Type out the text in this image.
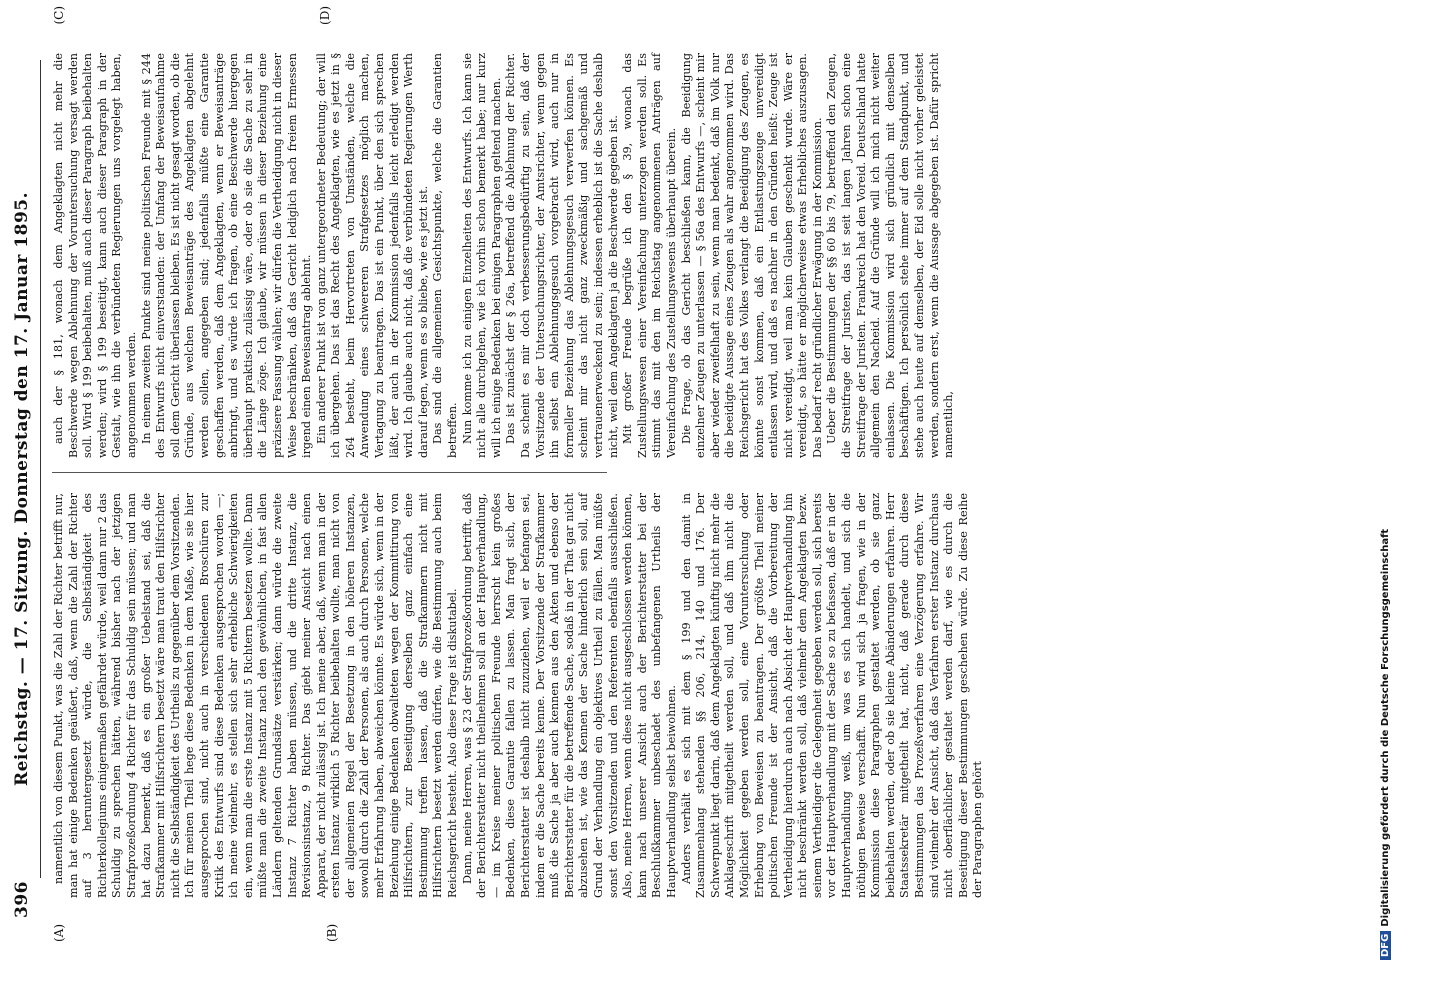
396
Reichstag. — 17. Sitzung. Donnerstag den 17. Januar 1895.
(A)	(B)
(C)	(D)

namentlich von diesem Punkt, was die Zahl der Richter betrifft nur, man hat einige Bedenken geäußert, daß, wenn die Zahl der Richter auf 3 heruntergesetzt würde, die Selbständigkeit des Richterkollegiums einigermaßen gefährdet würde, weil dann nur 2 das Schuldig zu sprechen hätten, während bisher nach der jetzigen Strafprozeßordnung 4 Richter für das Schuldig sein müssen; und man hat dazu bemerkt, daß es ein großer Uebelstand sei, daß die Strafkammer mit Hilfsrichtern besetzt wäre man traut den Hilfsrichter nicht die Selbständigkeit des Urtheils zu gegenüber dem Vorsitzenden. Ich für meinen Theil hege diese Bedenken in dem Maße, wie sie hier ausgesprochen sind, nicht auch in verschiedenen Broschüren zur Kritik des Entwurfs sind diese Bedenken ausgesprochen worden —; ich meine vielmehr, es stellen sich sehr erhebliche Schwierigkeiten ein, wenn man die erste Instanz mit 5 Richtern besetzen wollte. Dann müßte man die zweite Instanz nach den gewöhnlichen, in fast allen Ländern geltenden Grundsätze verstärken; dann würde die zweite Instanz 7 Richter haben müssen, und die dritte Instanz, die Revisionsinstanz, 9 Richter. Das giebt meiner Ansicht nach einen Apparat, der nicht zulässig ist. Ich meine aber, daß, wenn man in der ersten Instanz wirklich 5 Richter beibehalten wollte, man nicht von der allgemeinen Regel der Besetzung in den höheren Instanzen, sowohl durch die Zahl der Personen, als auch durch Personen, welche mehr Erfahrung haben, abweichen könnte. Es würde sich, wenn in der Beziehung einige Bedenken obwalteten wegen der Kommittirung von Hilfsrichtern, zur Beseitigung derselben ganz einfach eine Bestimmung treffen lassen, daß die Strafkammern nicht mit Hilfsrichtern besetzt werden dürfen, wie die Bestimmung auch beim Reichsgericht besteht. Also diese Frage ist diskutabel. Dann, meine Herren, was § 23 der Strafprozeßordnung betrifft, daß der Berichterstatter nicht theilnehmen soll an der Hauptverhandlung, — im Kreise meiner politischen Freunde herrscht kein großes Bedenken, diese Garantie fallen zu lassen. Man fragt sich, der Berichterstatter ist deshalb nicht zuzuziehen, weil er befangen sei, indem er die Sache bereits kenne. Der Vorsitzende der Strafkammer muß die Sache ja aber auch kennen aus den Akten und ebenso der Berichterstatter für die betreffende Sache, sodaß in der That gar nicht abzusehen ist, wie das Kennen der Sache hinderlich sein soll, auf Grund der Verhandlung ein objektives Urtheil zu fällen. Man müßte sonst den Vorsitzenden und den Referenten ebenfalls ausschließen. Also, meine Herren, wenn diese nicht ausgeschlossen werden können, kann nach unserer Ansicht auch der Berichterstatter bei der Beschlußkammer unbeschadet des unbefangenen Urtheils der Hauptverhandlung selbst beiwohnen. Anders verhält es sich mit dem § 199 und den damit in Zusammenhang stehenden §§ 206, 214, 140 und 176. Der Schwerpunkt liegt darin, daß dem Angeklagten künftig nicht mehr die Anklageschrift mitgetheilt werden soll, und daß ihm nicht die Möglichkeit gegeben werden soll, eine Voruntersuchung oder Erhebung von Beweisen zu beantragen. Der größte Theil meiner politischen Freunde ist der Ansicht, daß die Vorbereitung der Vertheidigung hierdurch auch nach Absicht der Hauptverhandlung hin nicht beschränkt werden soll, daß vielmehr dem Angeklagten bezw. seinem Vertheidiger die Gelegenheit gegeben werden soll, sich bereits vor der Hauptverhandlung mit der Sache so zu befassen, daß er in der Hauptverhandlung weiß, um was es sich handelt, und sich die nöthigen Beweise verschafft. Nun wird sich ja fragen, wie in der Kommission diese Paragraphen gestaltet werden, ob sie ganz beibehalten werden, oder ob sie kleine Abänderungen erfahren. Herr Staatssekretär mitgetheilt hat, nicht, daß gerade durch diese Bestimmungen das Prozeßverfahren eine Verzögerung erfahre. Wir sind vielmehr der Ansicht, daß das Verfahren erster Instanz durchaus nicht oberflächlicher gestaltet werden darf, wie es durch die Beseitigung dieser Bestimmungen geschehen würde. Zu diese Reihe der Paragraphen gehört

auch der § 181, wonach dem Angeklagten nicht mehr die Beschwerde wegen Ablehnung der Voruntersuchung versagt werden soll. Wird § 199 beibehalten, muß auch dieser Paragraph beibehalten werden; wird § 199 beseitigt, kann auch dieser Paragraph in der Gestalt, wie ihn die verbündeten Regierungen uns vorgelegt haben, angenommen werden. In einem zweiten Punkte sind meine politischen Freunde mit § 244 des Entwurfs nicht einverstanden: der Umfang der Beweisaufnahme soll dem Gericht überlassen bleiben. Es ist nicht gesagt worden, ob die Gründe, aus welchen Beweisanträge des Angeklagten abgelehnt werden sollen, angegeben sind; jedenfalls müßte eine Garantie geschaffen werden, daß dem Angeklagten, wenn er Beweisanträge anbringt, und es würde ich fragen, ob eine Beschwerde hiergegen überhaupt praktisch zulässig wäre, oder ob sie die Sache zu sehr in die Länge zöge. Ich glaube, wir müssen in dieser Beziehung eine präzisere Fassung wählen; wir dürfen die Vertheidigung nicht in dieser Weise beschränken, daß das Gericht lediglich nach freiem Ermessen irgend einen Beweisantrag ablehnt. Ein anderer Punkt ist von ganz untergeordneter Bedeutung; der will ich übergehen. Das ist das Recht des Angeklagten, wie es jetzt in § 264 besteht, beim Hervortreten von Umständen, welche die Anwendung eines schwereren Strafgesetzes möglich machen, Vertagung zu beantragen. Das ist ein Punkt, über den sich sprechen läßt, der auch in der Kommission jedenfalls leicht erledigt werden wird. Ich glaube auch nicht, daß die verbündeten Regierungen Werth darauf legen, wenn es so bliebe, wie es jetzt ist. Das sind die allgemeinen Gesichtspunkte, welche die Garantien betreffen. Nun komme ich zu einigen Einzelheiten des Entwurfs. Ich kann sie nicht alle durchgehen, wie ich vorhin schon bemerkt habe; nur kurz will ich einige Bedenken bei einigen Paragraphen geltend machen. Das ist zunächst der § 26a, betreffend die Ablehnung der Richter. Da scheint es mir doch verbesserungsbedürftig zu sein, daß der Vorsitzende der Untersuchungsrichter, der Amtsrichter, wenn gegen ihn selbst ein Ablehnungsgesuch vorgebracht wird, auch nur in formeller Beziehung das Ablehnungsgesuch verwerfen können. Es scheint mir das nicht ganz zweckmäßig und sachgemäß und vertrauenerweckend zu sein; indessen erheblich ist die Sache deshalb nicht, weil dem Angeklagten ja die Beschwerde gegeben ist. Mit großer Freude begrüße ich den § 39, wonach das Zustellungswesen einer Vereinfachung unterzogen werden soll. Es stimmt das mit den im Reichstag angenommenen Anträgen auf Vereinfachung des Zustellungswesens überhaupt überein. Die Frage, ob das Gericht beschließen kann, die Beeidigung einzelner Zeugen zu unterlassen — § 56a des Entwurfs —, scheint mir aber wieder zweifelhaft zu sein, wenn man bedenkt, daß im Volk nur die beeidigte Aussage eines Zeugen als wahr angenommen wird. Das Reichsgericht hat des Volkes verlangt die Beeidigung des Zeugen, es könnte sonst kommen, daß ein Entlastungszeuge unvereidigt entlassen wird, und daß es nachher in den Gründen heißt: Zeuge ist nicht vereidigt, weil man kein Glauben geschenkt wurde. Wäre er vereidigt, so hätte er möglicherweise etwas Erhebliches auszusagen. Das bedarf recht gründlicher Erwägung in der Kommission. Ueber die Bestimmungen der §§ 60 bis 79, betreffend den Zeugen, die Streitfrage der Juristen, das ist seit langen Jahren schon eine Streitfrage der Juristen. Frankreich hat den Voreid. Deutschland hatte allgemein den Nacheid. Auf die Gründe will ich mich nicht weiter einlassen. Die Kommission wird sich gründlich mit denselben beschäftigen. Ich persönlich stehe immer auf dem Standpunkt, und stehe auch heute auf demselben, der Eid solle nicht vorher geleistet werden, sondern erst, wenn die Aussage abgegeben ist. Dafür spricht namentlich,

DFGDigitalisierung gefördert durch die Deutsche Forschungsgemeinschaft
